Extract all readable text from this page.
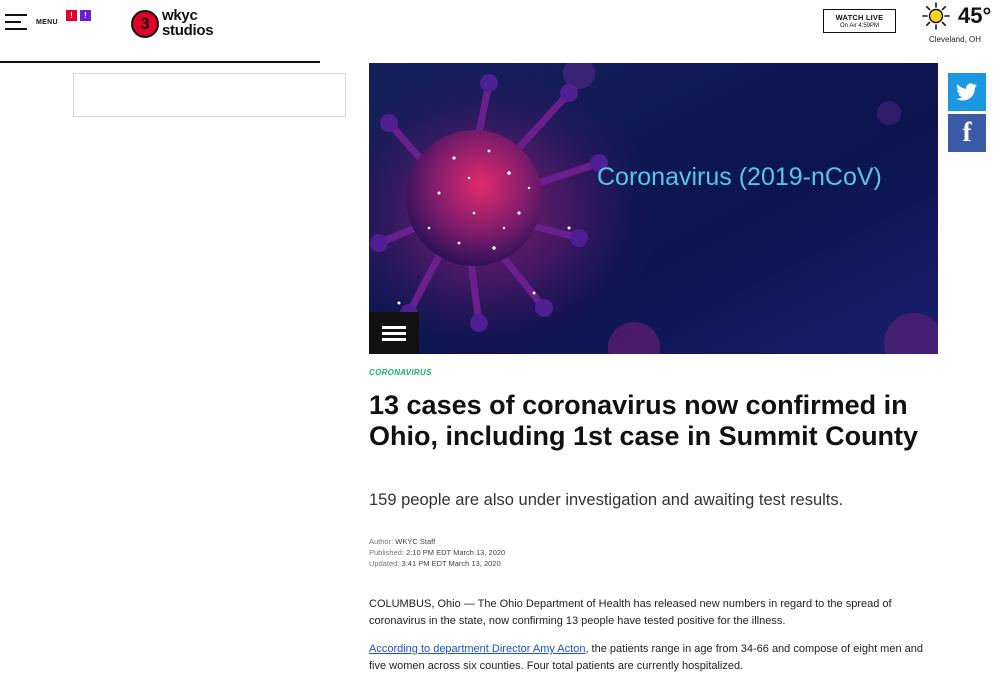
MENU
!	!	3 wkyc
studios
WATCH LIVE
On Air 4:59PM	45°
Cleveland, OH
Coronavirus (2019-nCoV)
f
CORONAVIRUS
13 cases of coronavirus now confirmed in Ohio, including 1st case in Summit County
159 people are also under investigation and awaiting test results.
Author: WKYC Staff
Published: 2:10 PM EDT March 13, 2020
Updated: 3:41 PM EDT March 13, 2020

COLUMBUS, Ohio — The Ohio Department of Health has released new numbers in regard to the spread of coronavirus in the state, now confirming 13 people have tested positive for the illness.

According to department Director Amy Acton, the patients range in age from 34-66 and compose of eight men and five women across six counties. Four total patients are currently hospitalized.
